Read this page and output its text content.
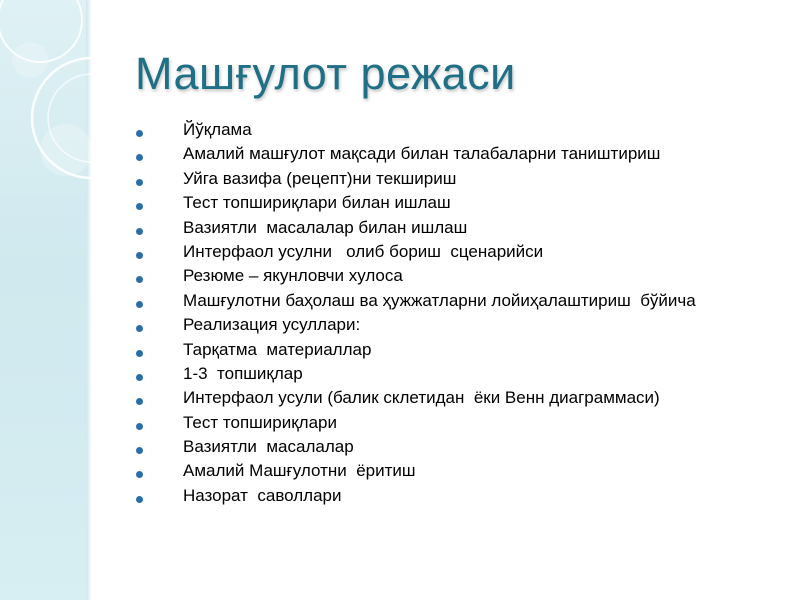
Машғулот режаси
Йўқлама
Амалий машғулот мақсади билан талабаларни таништириш
Уйга вазифа (рецепт)ни текшириш
Тест топшириқлари билан ишлаш
Вазиятли  масалалар билан ишлаш
Интерфаол усулни   олиб бориш  сценарийси
Резюме – якунловчи хулоса
Машғулотни баҳолаш ва ҳужжатларни лойиҳалаштириш  бўйича
Реализация усуллари:
Тарқатма  материаллар
1-3  топшиқлар
Интерфаол усули (балик склетидан  ёки Венн диаграммаси)
Тест топшириқлари
Вазиятли  масалалар
Амалий Машғулотни  ёритиш
Назорат  саволлари
